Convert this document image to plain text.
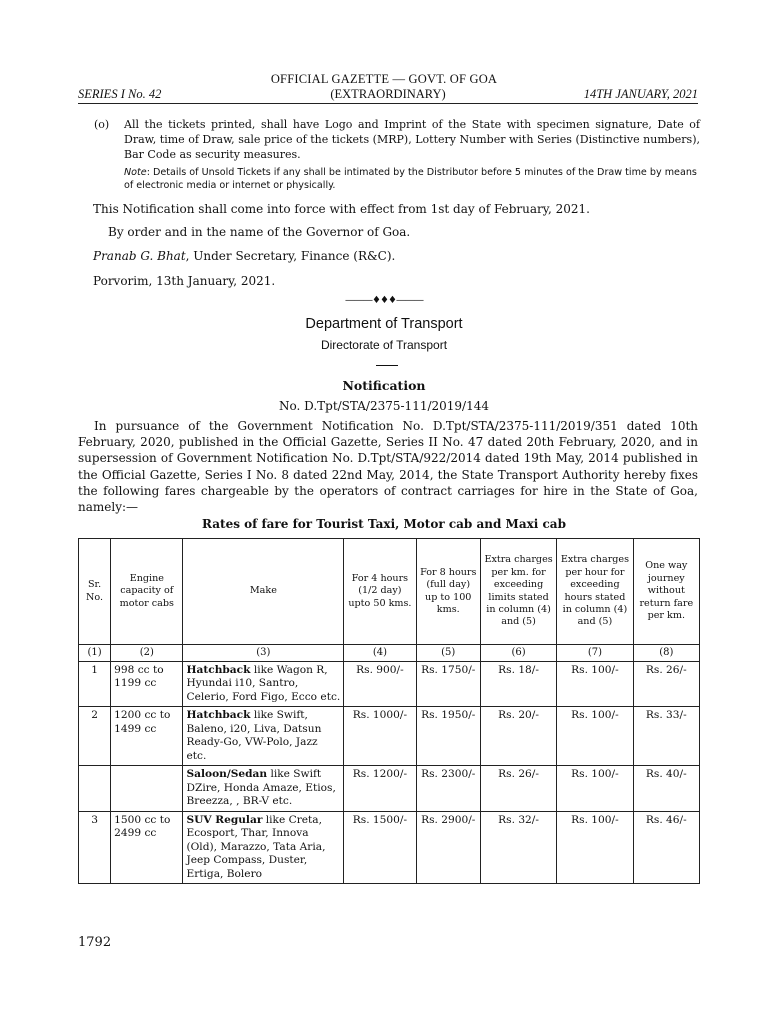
OFFICIAL GAZETTE — GOVT. OF GOA
SERIES I No. 42	(EXTRAORDINARY)	14TH JANUARY, 2021
(o) All the tickets printed, shall have Logo and Imprint of the State with specimen signature, Date of Draw, time of Draw, sale price of the tickets (MRP), Lottery Number with Series (Distinctive numbers), Bar Code as security measures.
Note: Details of Unsold Tickets if any shall be intimated by the Distributor before 5 minutes of the Draw time by means of electronic media or internet or physically.
This Notification shall come into force with effect from 1st day of February, 2021.
By order and in the name of the Governor of Goa.
Pranab G. Bhat, Under Secretary, Finance (R&C).
Porvorim, 13th January, 2021.
———♦♦♦———
Department of Transport
Directorate of Transport
Notification
No. D.Tpt/STA/2375-111/2019/144
In pursuance of the Government Notification No. D.Tpt/STA/2375-111/2019/351 dated 10th February, 2020, published in the Official Gazette, Series II No. 47 dated 20th February, 2020, and in supersession of Government Notification No. D.Tpt/STA/922/2014 dated 19th May, 2014 published in the Official Gazette, Series I No. 8 dated 22nd May, 2014, the State Transport Authority hereby fixes the following fares chargeable by the operators of contract carriages for hire in the State of Goa, namely:—
Rates of fare for Tourist Taxi, Motor cab and Maxi cab
Sr. No.	Engine capacity of motor cabs	Make	For 4 hours (1/2 day) upto 50 kms.	For 8 hours (full day) up to 100 kms.	Extra charges per km. for exceeding limits stated in column (4) and (5)	Extra charges per hour for exceeding hours stated in column (4) and (5)	One way journey without return fare per km.
(1)	(2)	(3)	(4)	(5)	(6)	(7)	(8)
1	998 cc to 1199 cc	Hatchback like Wagon R, Hyundai i10, Santro, Celerio, Ford Figo, Ecco etc.	Rs. 900/-	Rs. 1750/-	Rs. 18/-	Rs. 100/-	Rs. 26/-
2	1200 cc to 1499 cc	Hatchback like Swift, Baleno, i20, Liva, Datsun Ready-Go, VW-Polo, Jazz etc.	Rs. 1000/-	Rs. 1950/-	Rs. 20/-	Rs. 100/-	Rs. 33/-
		Saloon/Sedan like Swift DZire, Honda Amaze, Etios, Breezza, , BR-V etc.	Rs. 1200/-	Rs. 2300/-	Rs. 26/-	Rs. 100/-	Rs. 40/-
3	1500 cc to 2499 cc	SUV Regular like Creta, Ecosport, Thar, Innova (Old), Marazzo, Tata Aria, Jeep Compass, Duster, Ertiga, Bolero	Rs. 1500/-	Rs. 2900/-	Rs. 32/-	Rs. 100/-	Rs. 46/-
1792
